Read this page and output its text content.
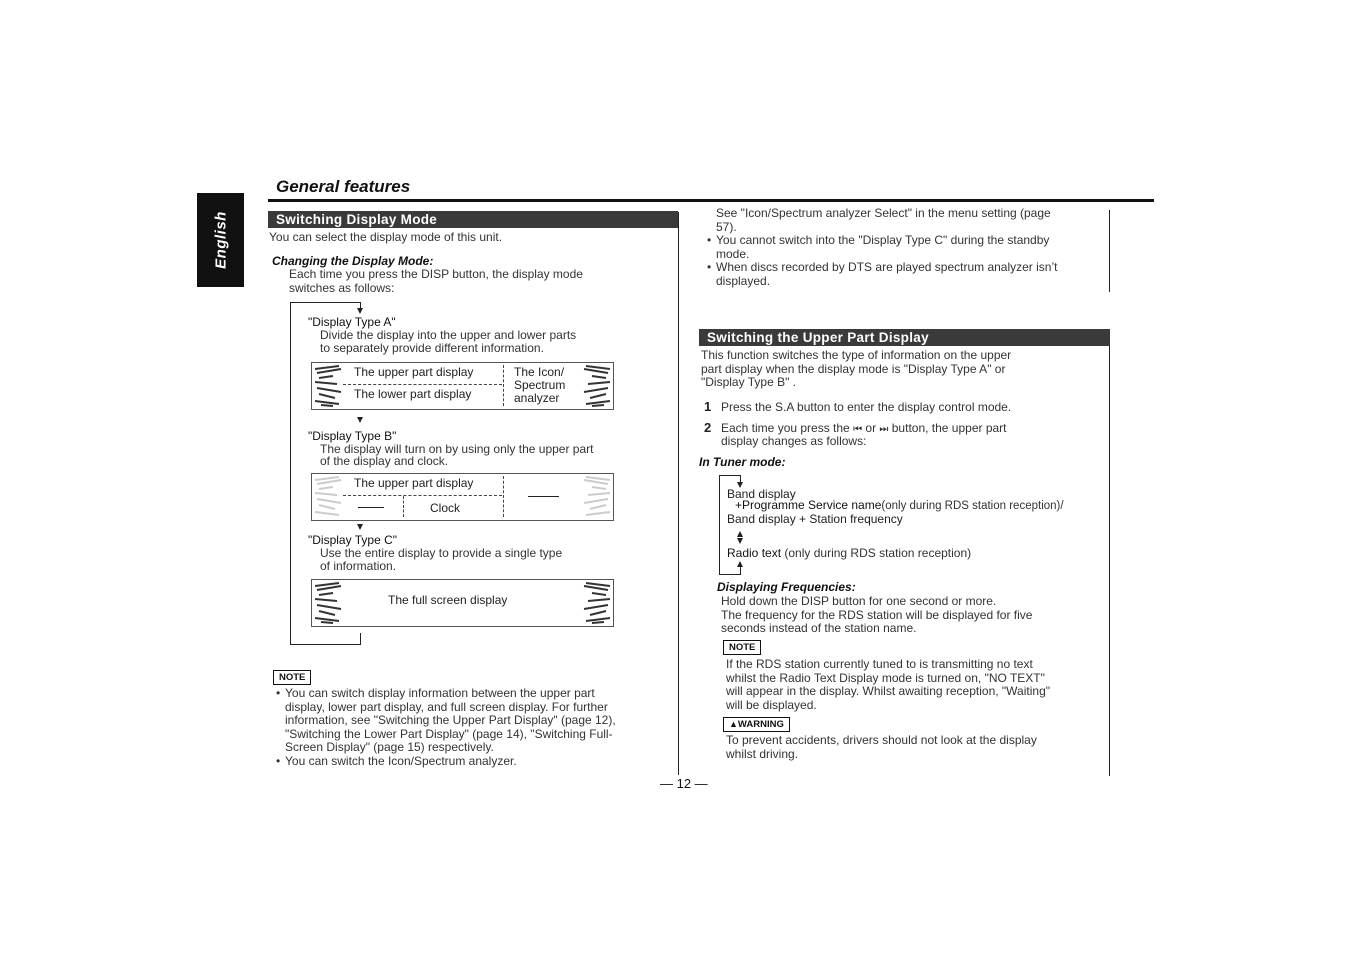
English
General features
Switching Display Mode
You can select the display mode of this unit.
Changing the Display Mode:
Each time you press the DISP button, the display mode
switches as follows:
"Display Type A"
Divide the display into the upper and lower parts
to separately provide different information.
The upper part display
The lower part display
The Icon/
Spectrum
analyzer
"Display Type B"
The display will turn on by using only the upper part
of the display and clock.
The upper part display
Clock
"Display Type C"
Use the entire display to provide a single type
of information.
The full screen display
NOTE
• You can switch display information between the upper part
display, lower part display, and full screen display. For further
information, see "Switching the Upper Part Display" (page 12),
"Switching the Lower Part Display" (page 14), "Switching Full-
Screen Display" (page 15) respectively.
• You can switch the Icon/Spectrum analyzer.
See "Icon/Spectrum analyzer Select" in the menu setting (page
57).
• You cannot switch into the "Display Type C" during the standby
mode.
• When discs recorded by DTS are played spectrum analyzer isn’t
displayed.
Switching the Upper Part Display
This function switches the type of information on the upper
part display when the display mode is "Display Type A" or
"Display Type B" .
1 Press the S.A button to enter the display control mode.
2 Each time you press the ⏮ or ⏭ button, the upper part
display changes as follows:
In Tuner mode:
Band display
+Programme Service name(only during RDS station reception)/
Band display + Station frequency
Radio text (only during RDS station reception)
Displaying Frequencies:
Hold down the DISP button for one second or more.
The frequency for the RDS station will be displayed for five
seconds instead of the station name.
NOTE
If the RDS station currently tuned to is transmitting no text
whilst the Radio Text Display mode is turned on, "NO TEXT"
will appear in the display. Whilst awaiting reception, "Waiting"
will be displayed.
▲WARNING
To prevent accidents, drivers should not look at the display
whilst driving.
— 12 —
